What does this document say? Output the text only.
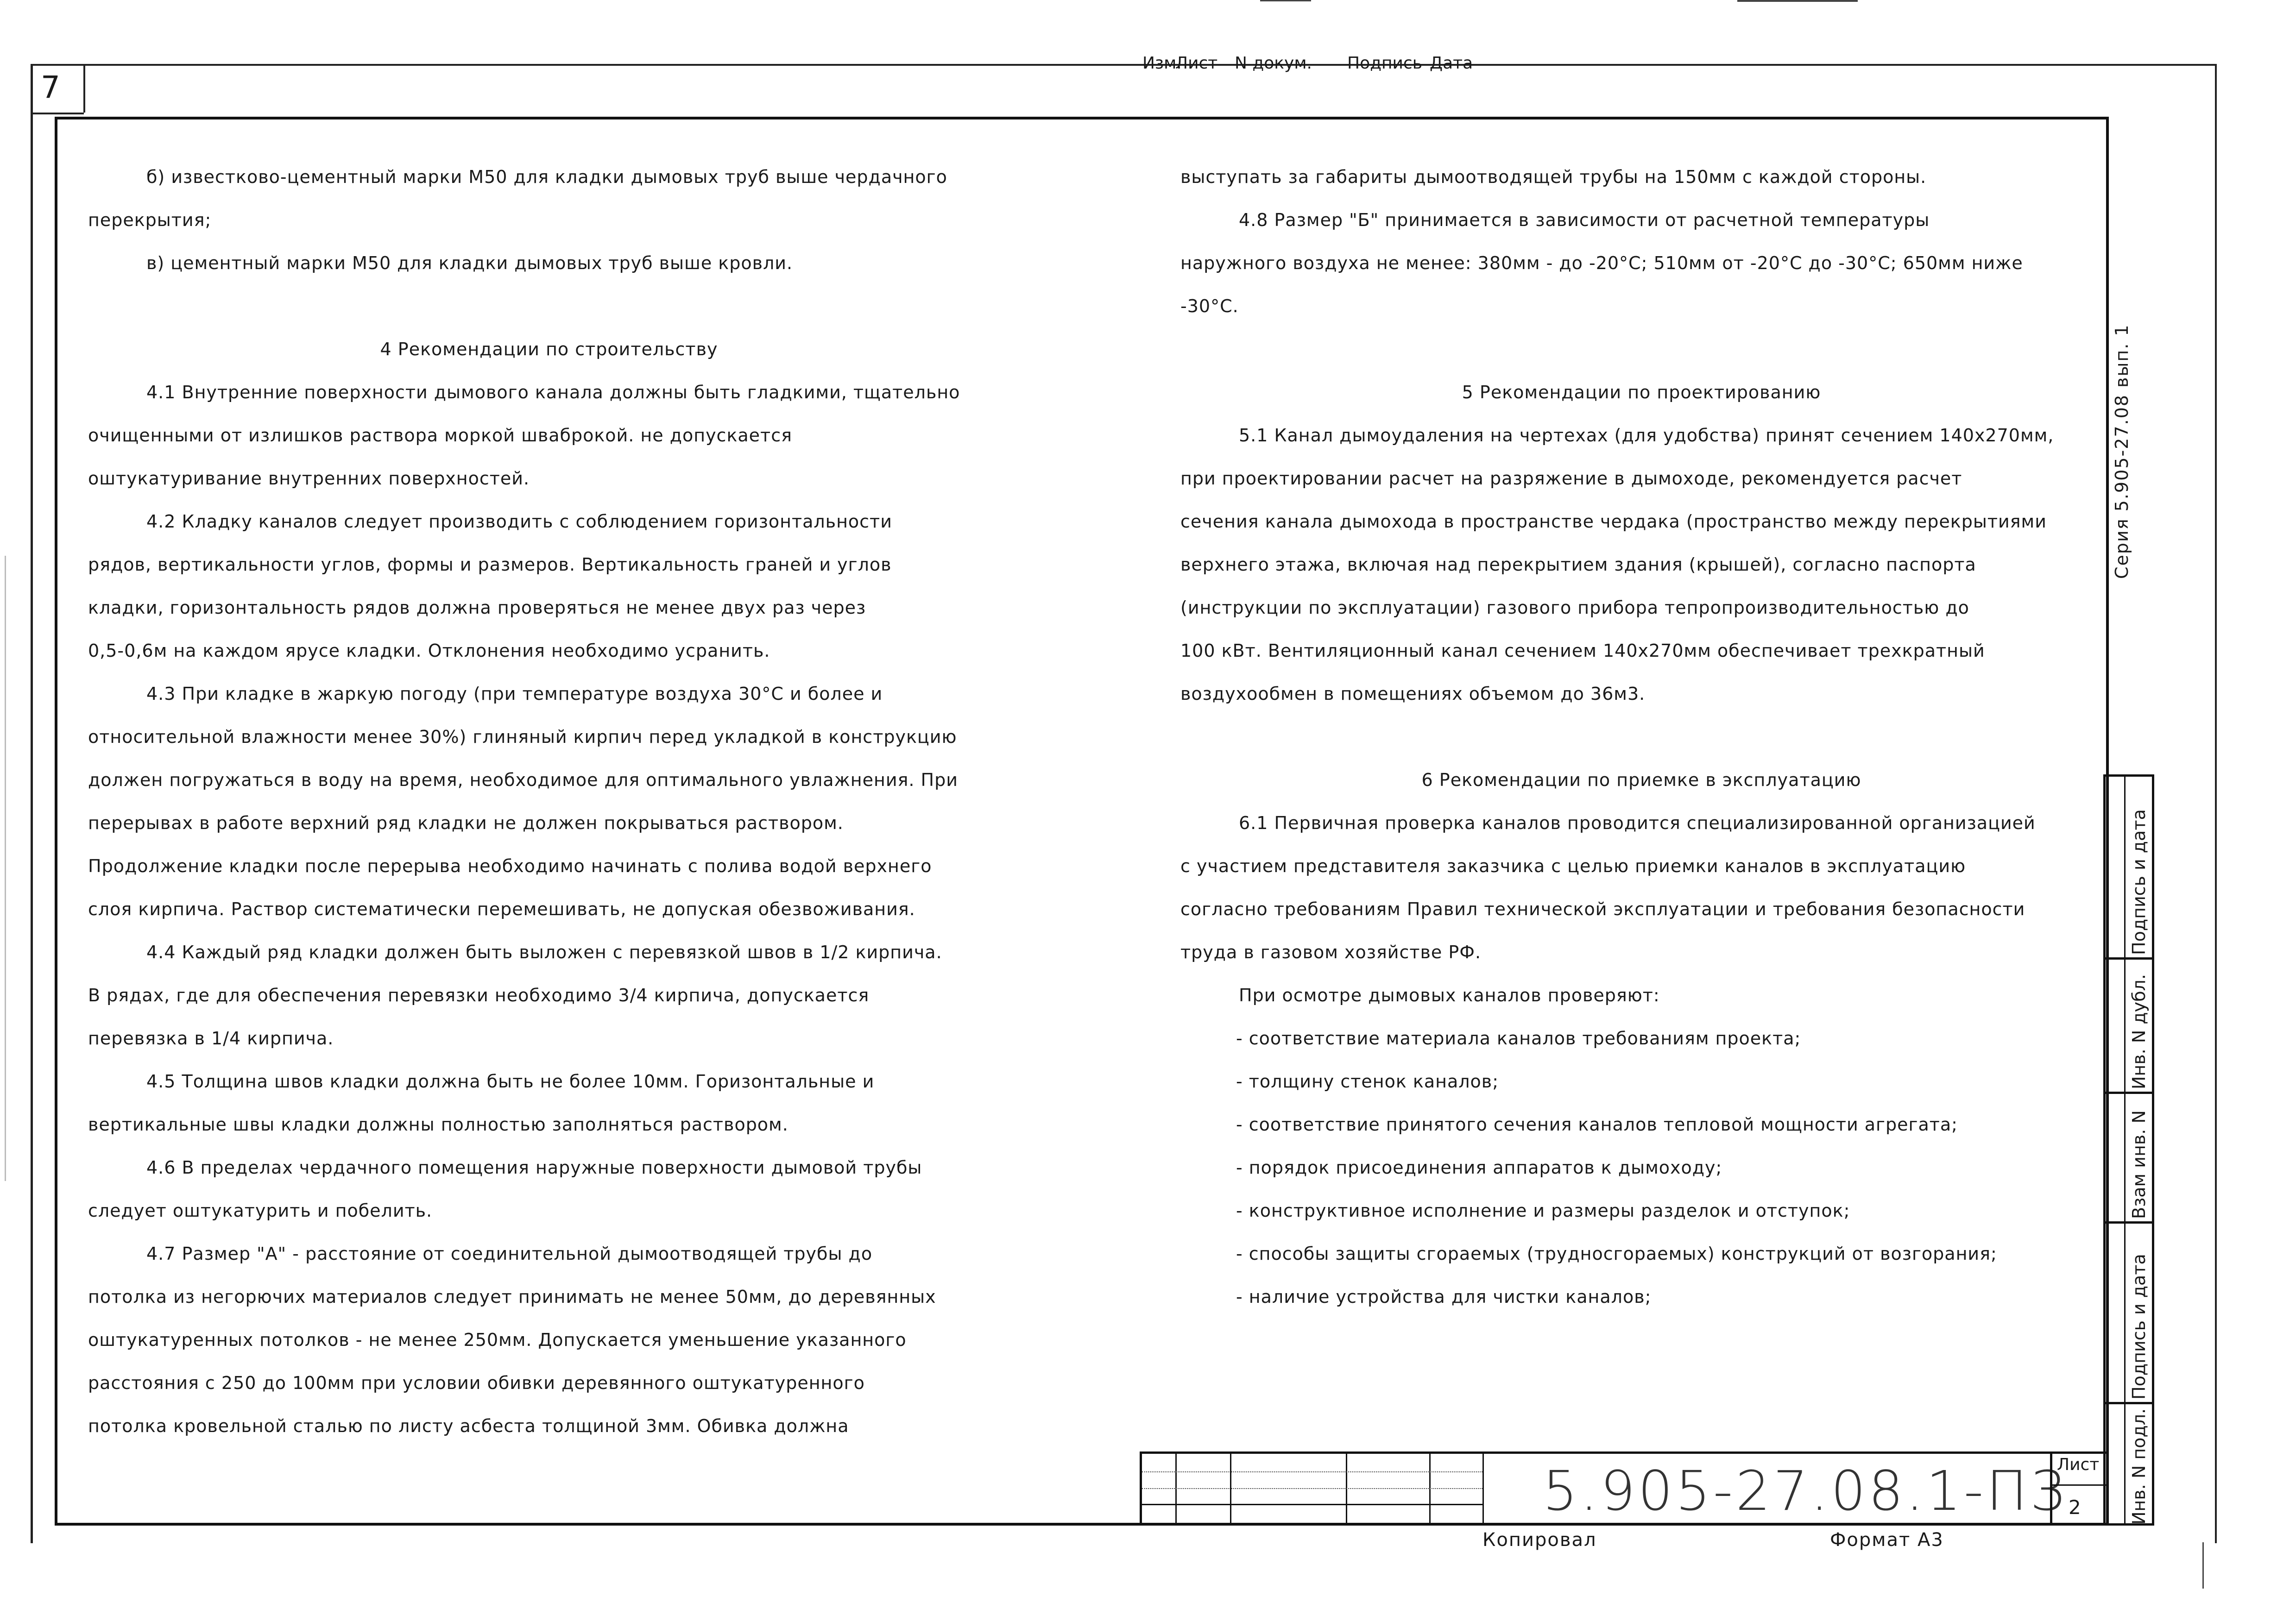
7

б) известково-цементный марки М50 для кладки дымовых труб выше чердачного

перекрытия;

в) цементный марки М50 для кладки дымовых труб выше кровли.

4 Рекомендации по строительству

4.1 Внутренние поверхности дымового канала должны быть гладкими, тщательно

очищенными от излишков раствора моркой шваброкой. не допускается

оштукатуривание внутренних поверхностей.

4.2 Кладку каналов следует производить с соблюдением горизонтальности

рядов, вертикальности углов, формы и размеров. Вертикальность граней и углов

кладки, горизонтальность рядов должна проверяться не менее двух раз через

0,5-0,6м на каждом ярусе кладки. Отклонения необходимо усранить.

4.3 При кладке в жаркую погоду (при температуре воздуха 30°С и более и

относительной влажности менее 30%) глиняный кирпич перед укладкой в конструкцию

должен погружаться в воду на время, необходимое для оптимального увлажнения. При

перерывах в работе верхний ряд кладки не должен покрываться раствором.

Продолжение кладки после перерыва необходимо начинать с полива водой верхнего

слоя кирпича. Раствор систематически перемешивать, не допуская обезвоживания.

4.4 Каждый ряд кладки должен быть выложен с перевязкой швов в 1/2 кирпича.

В рядах, где для обеспечения перевязки необходимо 3/4 кирпича, допускается

перевязка в 1/4 кирпича.

4.5 Толщина швов кладки должна быть не более 10мм. Горизонтальные и

вертикальные швы кладки должны полностью заполняться раствором.

4.6 В пределах чердачного помещения наружные поверхности дымовой трубы

следует оштукатурить и побелить.

4.7 Размер "А" - расстояние от соединительной дымоотводящей трубы до

потолка из негорючих материалов следует принимать не менее 50мм, до деревянных

оштукатуренных потолков - не менее 250мм. Допускается уменьшение указанного

расстояния с 250 до 100мм при условии обивки деревянного оштукатуренного

потолка кровельной сталью по листу асбеста толщиной 3мм. Обивка должна

выступать за габариты дымоотводящей трубы на 150мм с каждой стороны.

4.8 Размер "Б" принимается в зависимости от расчетной температуры

наружного воздуха не менее: 380мм - до -20°С; 510мм от -20°С до -30°С; 650мм ниже

-30°С.

5 Рекомендации по проектированию

5.1 Канал дымоудаления на чертехах (для удобства) принят сечением 140х270мм,

при проектировании расчет на разряжение в дымоходе, рекомендуется расчет

сечения канала дымохода в пространстве чердака (пространство между перекрытиями

верхнего этажа, включая над перекрытием здания (крышей), согласно паспорта

(инструкции по эксплуатации) газового прибора тепропроизводительностью до

100 кВт. Вентиляционный канал сечением 140х270мм обеспечивает трехкратный

воздухообмен в помещениях объемом до 36м3.

6 Рекомендации по приемке в эксплуатацию

6.1 Первичная проверка каналов проводится специализированной организацией

с участием представителя заказчика с целью приемки каналов в эксплуатацию

согласно требованиям Правил технической эксплуатации и требования безопасности

труда в газовом хозяйстве РФ.

При осмотре дымовых каналов проверяют:

- соответствие материала каналов требованиям проекта;

- толщину стенок каналов;

- соответствие принятого сечения каналов тепловой мощности агрегата;

- порядок присоединения аппаратов к дымоходу;

- конструктивное исполнение и размеры разделок и отступок;

- способы защиты сгораемых (трудносгораемых) конструкций от возгорания;

- наличие устройства для чистки каналов;

Серия 5.905-27.08 вып. 1
Подпись и дата
Инв. N дубл.
Взам инв. N
Подпись и дата
Инв. N подл.
Изм.
Лист N докум. Подпись Дата
5.905-27.08.1-ПЗ
Лист
2
Копировал	Формат А3
